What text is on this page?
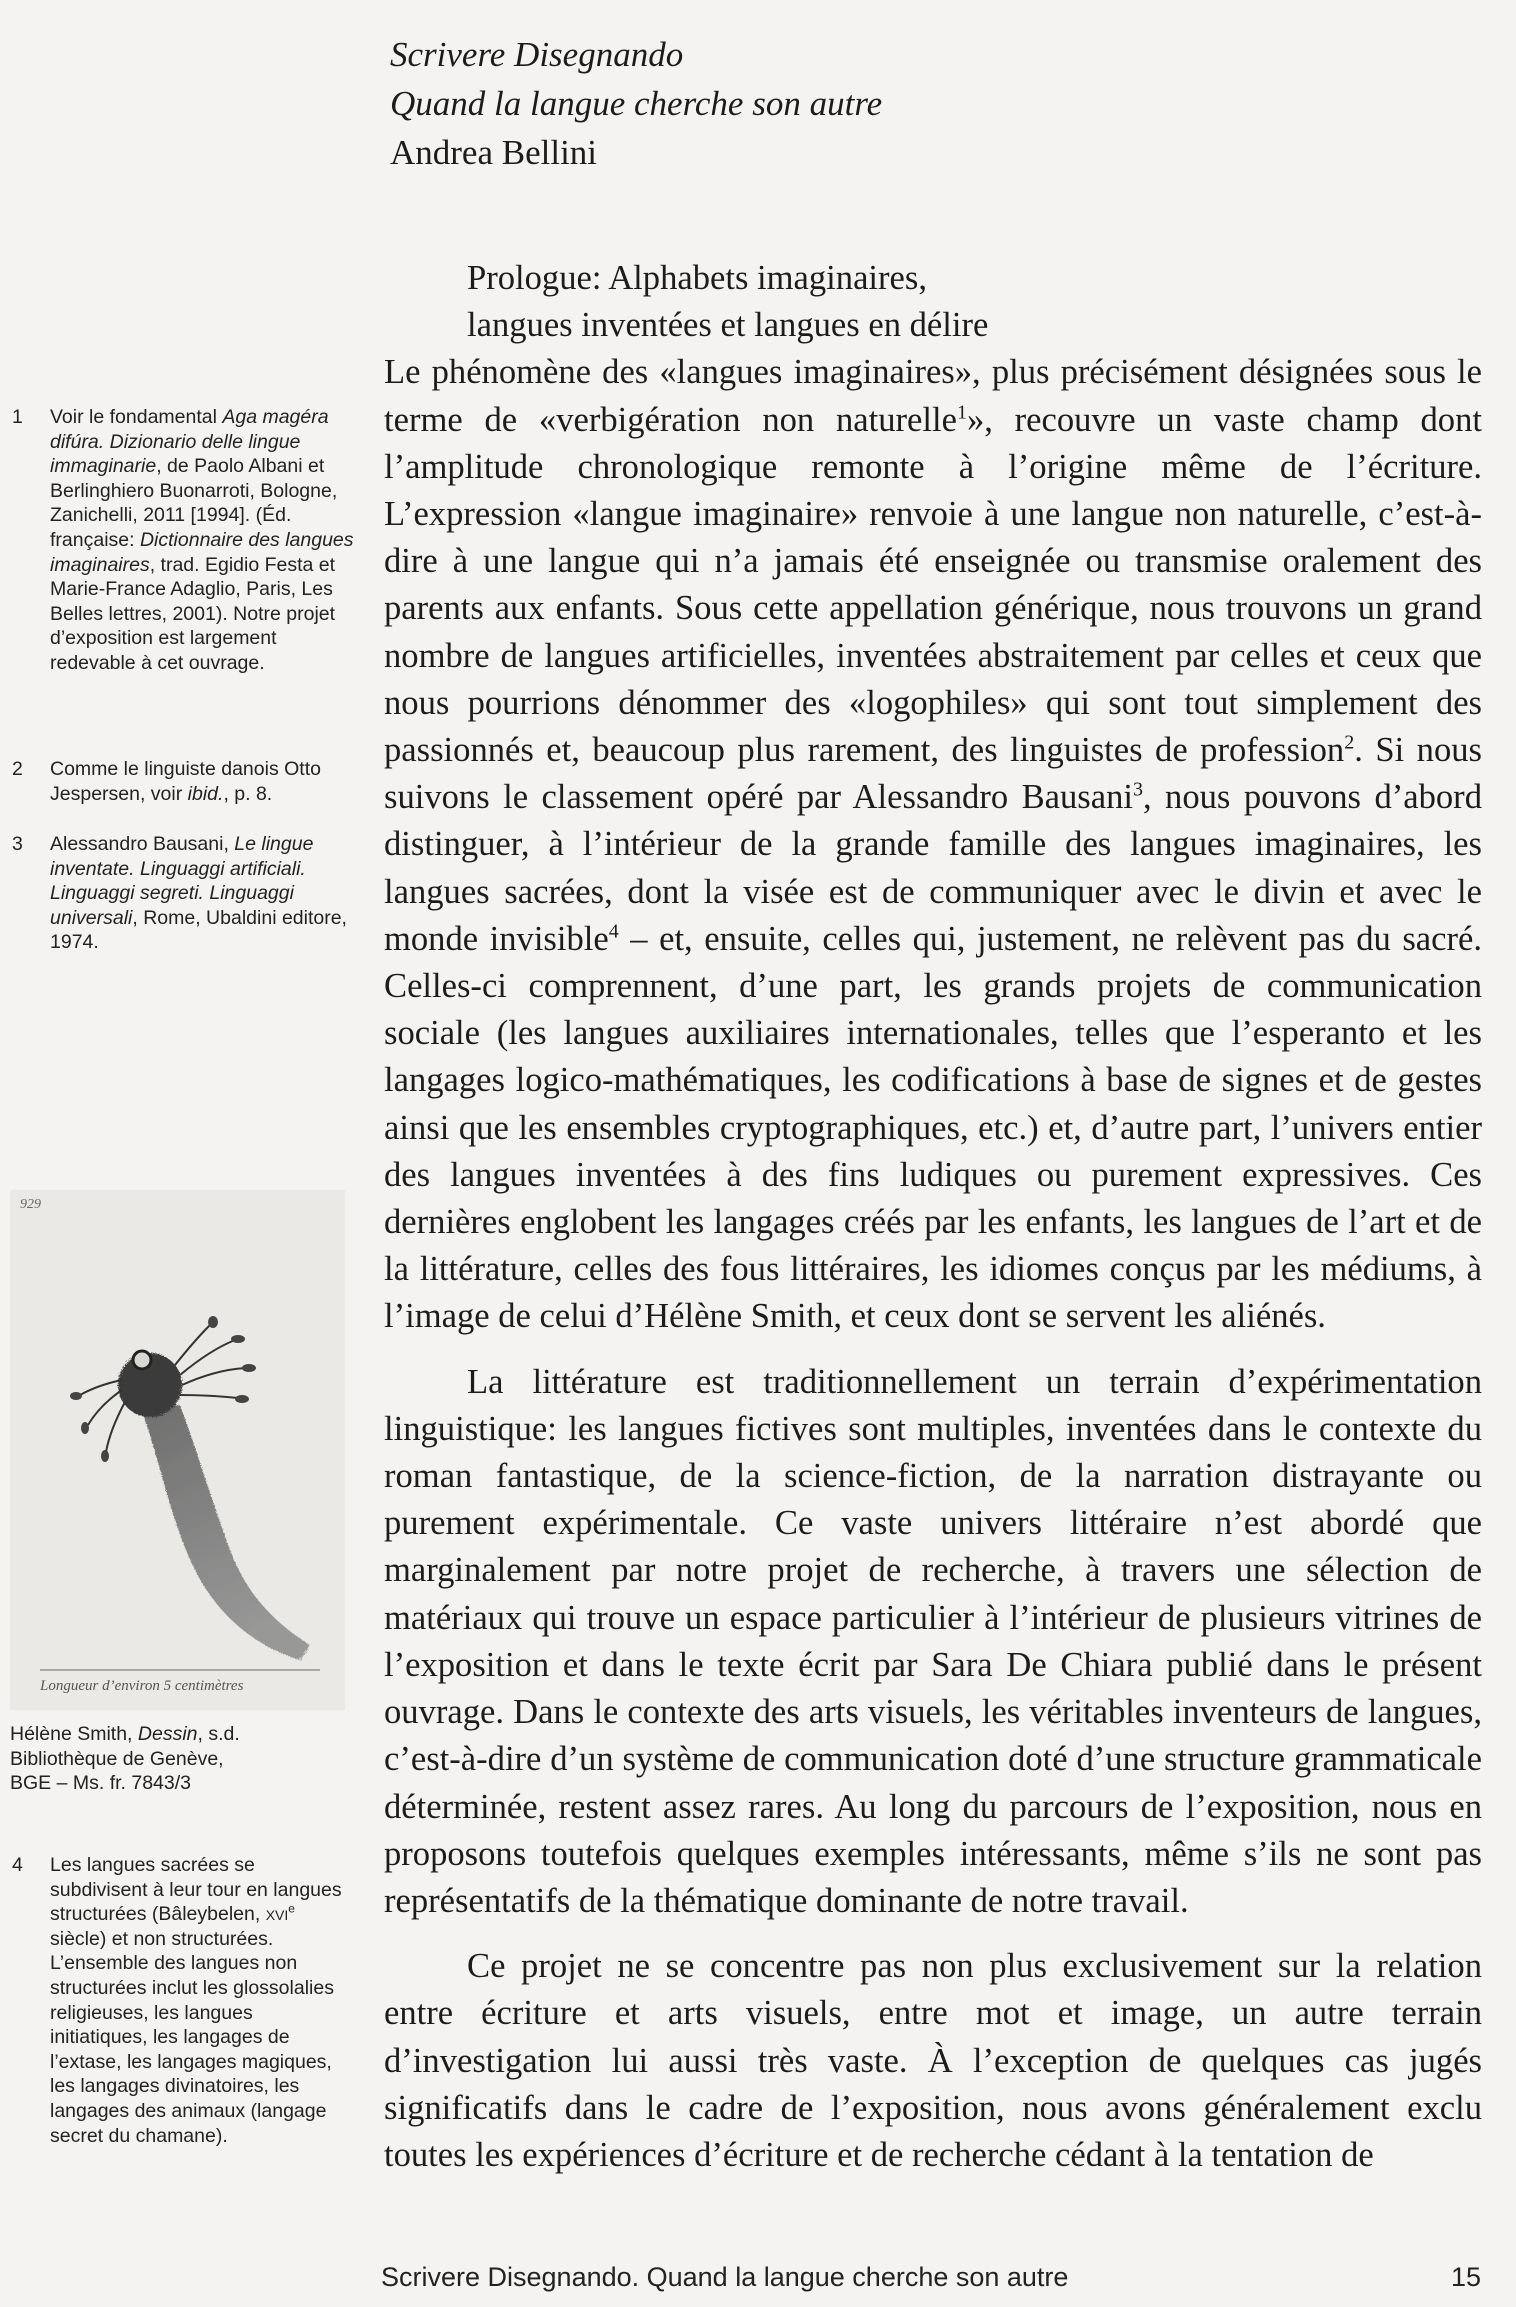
Scrivere Disegnando
Quand la langue cherche son autre
Andrea Bellini
1	Voir le fondamental Aga magéra difúra. Dizionario delle lingue immaginarie, de Paolo Albani et Berlinghiero Buonarroti, Bologne, Zanichelli, 2011 [1994]. (Éd. française: Dictionnaire des langues imaginaires, trad. Egidio Festa et Marie-France Adaglio, Paris, Les Belles lettres, 2001). Notre projet d’exposition est largement redevable à cet ouvrage.
2	Comme le linguiste danois Otto Jespersen, voir ibid., p. 8.
3	Alessandro Bausani, Le lingue inventate. Linguaggi artificiali. Linguaggi segreti. Linguaggi universali, Rome, Ubaldini editore, 1974.
4	Les langues sacrées se subdivisent à leur tour en langues structurées (Bâleybelen, xvi$^e$ siècle) et non structurées. L’ensemble des langues non structurées inclut les glossolalies religieuses, les langues initiatiques, les langages de l’extase, les langages magiques, les langages divinatoires, les langages des animaux (langage secret du chamane).
929
Longueur d’environ 5 centimètres
Hélène Smith, Dessin, s.d.
Bibliothèque de Genève,
BGE – Ms. fr. 7843/3
Prologue: Alphabets imaginaires,
langues inventées et langues en délire

Le phénomène des «langues imaginaires», plus précisément désignées sous le terme de «verbigération non naturelle$^1$», recouvre un vaste champ dont l’amplitude chronologique remonte à l’origine même de l’écriture. L’expression «langue imaginaire» renvoie à une langue non naturelle, c’est-à-dire à une langue qui n’a jamais été enseignée ou transmise oralement des parents aux enfants. Sous cette appellation générique, nous trouvons un grand nombre de langues artificielles, inventées abstraitement par celles et ceux que nous pourrions dénommer des «logophiles» qui sont tout simplement des passionnés et, beaucoup plus rarement, des linguistes de profession$^2$. Si nous suivons le classement opéré par Alessandro Bausani$^3$, nous pouvons d’abord distinguer, à l’intérieur de la grande famille des langues imaginaires, les langues sacrées, dont la visée est de communiquer avec le divin et avec le monde invisible$^4$ – et, ensuite, celles qui, justement, ne relèvent pas du sacré. Celles-ci comprennent, d’une part, les grands projets de communication sociale (les langues auxiliaires internationales, telles que l’esperanto et les langages logico-mathématiques, les codifications à base de signes et de gestes ainsi que les ensembles cryptographiques, etc.) et, d’autre part, l’univers entier des langues inventées à des fins ludiques ou purement expressives. Ces dernières englobent les langages créés par les enfants, les langues de l’art et de la littérature, celles des fous littéraires, les idiomes conçus par les médiums, à l’image de celui d’Hélène Smith, et ceux dont se servent les aliénés.

La littérature est traditionnellement un terrain d’expérimentation linguistique: les langues fictives sont multiples, inventées dans le contexte du roman fantastique, de la science-fiction, de la narration distrayante ou purement expérimentale. Ce vaste univers littéraire n’est abordé que marginalement par notre projet de recherche, à travers une sélection de matériaux qui trouve un espace particulier à l’intérieur de plusieurs vitrines de l’exposition et dans le texte écrit par Sara De Chiara publié dans le présent ouvrage. Dans le contexte des arts visuels, les véritables inventeurs de langues, c’est-à-dire d’un système de communication doté d’une structure grammaticale déterminée, restent assez rares. Au long du parcours de l’exposition, nous en proposons toutefois quelques exemples intéressants, même s’ils ne sont pas représentatifs de la thématique dominante de notre travail.

Ce projet ne se concentre pas non plus exclusivement sur la relation entre écriture et arts visuels, entre mot et image, un autre terrain d’investigation lui aussi très vaste. À l’exception de quelques cas jugés significatifs dans le cadre de l’exposition, nous avons généralement exclu toutes les expériences d’écriture et de recherche cédant à la tentation de

Scrivere Disegnando. Quand la langue cherche son autre	15
